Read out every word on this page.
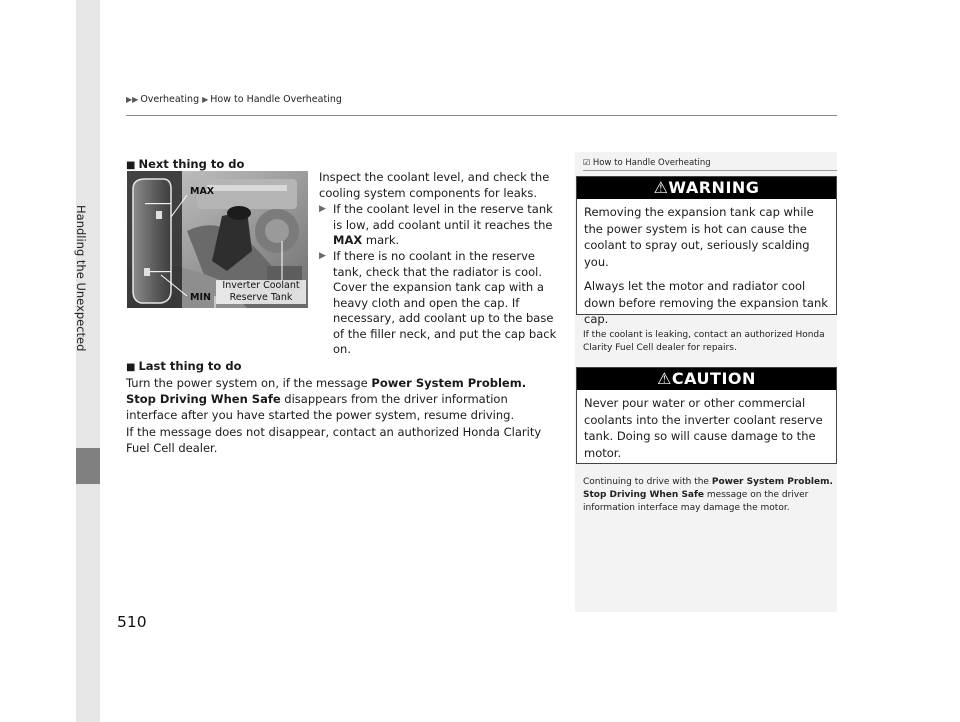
Handling the Unexpected
▶▶ Overheating ▶ How to Handle Overheating
■ Next thing to do
MAX
MIN
Inverter Coolant Reserve Tank
Inspect the coolant level, and check the cooling system components for leaks.
▶ If the coolant level in the reserve tank is low, add coolant until it reaches the MAX mark.
▶ If there is no coolant in the reserve tank, check that the radiator is cool. Cover the expansion tank cap with a heavy cloth and open the cap. If necessary, add coolant up to the base of the filler neck, and put the cap back on.
■ Last thing to do
Turn the power system on, if the message Power System Problem. Stop Driving When Safe disappears from the driver information interface after you have started the power system, resume driving.
If the message does not disappear, contact an authorized Honda Clarity Fuel Cell dealer.
☑ How to Handle Overheating
⚠WARNING

Removing the expansion tank cap while the power system is hot can cause the coolant to spray out, seriously scalding you.

Always let the motor and radiator cool down before removing the expansion tank cap.

If the coolant is leaking, contact an authorized Honda Clarity Fuel Cell dealer for repairs.
⚠CAUTION

Never pour water or other commercial coolants into the inverter coolant reserve tank. Doing so will cause damage to the motor.

Continuing to drive with the Power System Problem. Stop Driving When Safe message on the driver information interface may damage the motor.
510
